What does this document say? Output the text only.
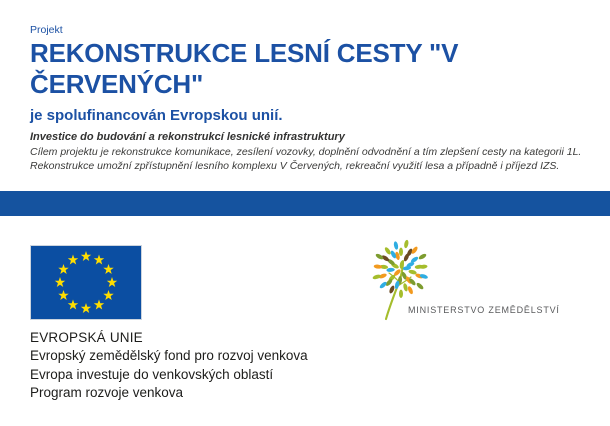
Projekt
REKONSTRUKCE LESNÍ CESTY "V
ČERVENÝCH"
je spolufinancován Evropskou unií.
Investice do budování a rekonstrukcí lesnické infrastruktury
Cílem projektu je rekonstrukce komunikace, zesílení vozovky, doplnění odvodnění a tím zlepšení cesty na kategorii 1L.
Rekonstrukce umožní zpřístupnění lesního komplexu V Červených, rekreační využití lesa a případně i příjezd IZS.
EVROPSKÁ UNIE
Evropský zemědělský fond pro rozvoj venkova
Evropa investuje do venkovských oblastí
Program rozvoje venkova
MINISTERSTVO ZEMĚDĚLSTVÍ
